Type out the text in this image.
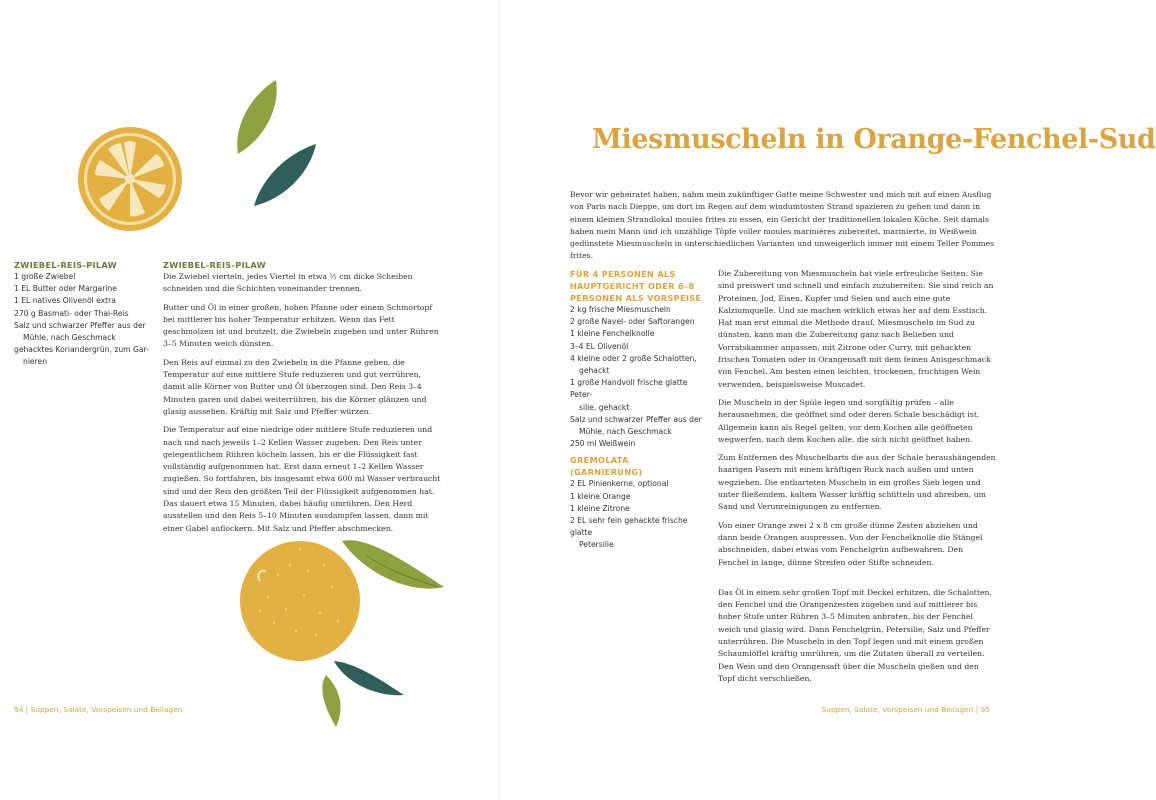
ZWIEBEL-REIS-PILAW
1 große Zwiebel
1 EL Butter oder Margarine
1 EL natives Olivenöl extra
270 g Basmati- oder Thai-Reis
Salz und schwarzer Pfeffer aus der
Mühle, nach Geschmack
gehacktes Koriandergrün, zum Gar-
nieren
ZWIEBEL-REIS-PILAW

Die Zwiebel vierteln, jedes Viertel in etwa ½ cm dicke Scheiben schneiden und die Schichten voneinander trennen.

Butter und Öl in einer großen, hohen Pfanne oder einem Schmortopf bei mittlerer bis hoher Temperatur erhitzen. Wenn das Fett geschmolzen ist und brutzelt, die Zwiebeln zugeben und unter Rühren 3–5 Minuten weich dünsten.

Den Reis auf einmal zu den Zwiebeln in die Pfanne geben, die Temperatur auf eine mittlere Stufe reduzieren und gut verrühren, damit alle Körner von Butter und Öl überzogen sind. Den Reis 3–4 Minuten garen und dabei weiterrühren, bis die Körner glänzen und glasig aussehen. Kräftig mit Salz und Pfeffer würzen.

Die Temperatur auf eine niedrige oder mittlere Stufe reduzieren und nach und nach jeweils 1–2 Kellen Wasser zugeben. Den Reis unter gelegentlichem Rühren köcheln lassen, bis er die Flüssigkeit fast vollständig aufgenommen hat. Erst dann erneut 1–2 Kellen Wasser zugießen. So fortfahren, bis insgesamt etwa 600 ml Wasser verbraucht sind und der Reis den größten Teil der Flüssigkeit aufgenommen hat. Das dauert etwa 15 Minuten, dabei häufig umrühren. Den Herd ausstellen und den Reis 5–10 Minuten ausdampfen lassen, dann mit einer Gabel auflockern. Mit Salz und Pfeffer abschmecken.

94 | Suppen, Salate, Vorspeisen und Beilagen
Miesmuscheln in Orange-Fenchel-Sud
Bevor wir geheiratet haben, nahm mein zukünftiger Gatte meine Schwester und mich mit auf einen Ausflug von Paris nach Dieppe, um dort im Regen auf dem windumtosten Strand spazieren zu gehen und dann in einem kleinen Strandlokal moules frites zu essen, ein Gericht der traditionellen lokalen Küche. Seit damals haben mein Mann und ich unzählige Töpfe voller moules marinières zubereitet, marinierte, in Weißwein gedünstete Miesmuscheln in unterschiedlichen Varianten und unweigerlich immer mit einem Teller Pommes frites.
FÜR 4 PERSONEN ALS HAUPTGERICHT ODER 6–8 PERSONEN ALS VORSPEISE
2 kg frische Miesmuscheln
2 große Navel- oder Saftorangen
1 kleine Fenchelknolle
3–4 EL Olivenöl
4 kleine oder 2 große Schalotten,
gehackt
1 große Handvoll frische glatte Peter-
silie, gehackt
Salz und schwarzer Pfeffer aus der
Mühle, nach Geschmack
250 ml Weißwein
GREMOLATA (GARNIERUNG)
2 EL Pinienkerne, optional
1 kleine Orange
1 kleine Zitrone
2 EL sehr fein gehackte frische glatte
Petersilie

Die Zubereitung von Miesmuscheln hat viele erfreuliche Seiten: Sie sind preiswert und schnell und einfach zuzubereiten: Sie sind reich an Proteinen, Jod, Eisen, Kupfer und Selen und auch eine gute Kalziumquelle. Und sie machen wirklich etwas her auf dem Esstisch. Hat man erst einmal die Methode drauf, Miesmuscheln im Sud zu dünsten, kann man die Zubereitung ganz nach Belieben und Vorratskammer anpassen, mit Zitrone oder Curry, mit gehackten frischen Tomaten oder in Orangensaft mit dem feinen Anisgeschmack von Fenchel. Am besten einen leichten, trockenen, fruchtigen Wein verwenden, beispielsweise Muscadet.

Die Muscheln in der Spüle legen und sorgfältig prüfen – alle herausnehmen, die geöffnet sind oder deren Schale beschädigt ist. Allgemein kann als Regel gelten, vor dem Kochen alle geöffneten wegwerfen, nach dem Kochen alle, die sich nicht geöffnet haben.

Zum Entfernen des Muschelbarts die aus der Schale heraushängenden haarigen Fasern mit einem kräftigen Ruck nach außen und unten wegziehen. Die entbarteten Muscheln in ein großes Sieb legen und unter fließendem, kaltem Wasser kräftig schütteln und abreiben, um Sand und Verunreinigungen zu entfernen.

Von einer Orange zwei 2 x 8 cm große dünne Zesten abziehen und dann beide Orangen auspressen. Von der Fenchelknolle die Stängel abschneiden, dabei etwas vom Fenchelgrün aufbewahren. Den Fenchel in lange, dünne Streifen oder Stifte schneiden.

Das Öl in einem sehr großen Topf mit Deckel erhitzen, die Schalotten, den Fenchel und die Orangenzesten zugeben und auf mittlerer bis hoher Stufe unter Rühren 3–5 Minuten anbraten, bis der Fenchel weich und glasig wird. Dann Fenchelgrün, Petersilie, Salz und Pfeffer unterrühren. Die Muscheln in den Topf legen und mit einem großen Schaumlöffel kräftig umrühren, um die Zutaten überall zu verteilen. Den Wein und den Orangensaft über die Muscheln gießen und den Topf dicht verschließen.

Suppen, Salate, Vorspeisen und Beilagen | 95
